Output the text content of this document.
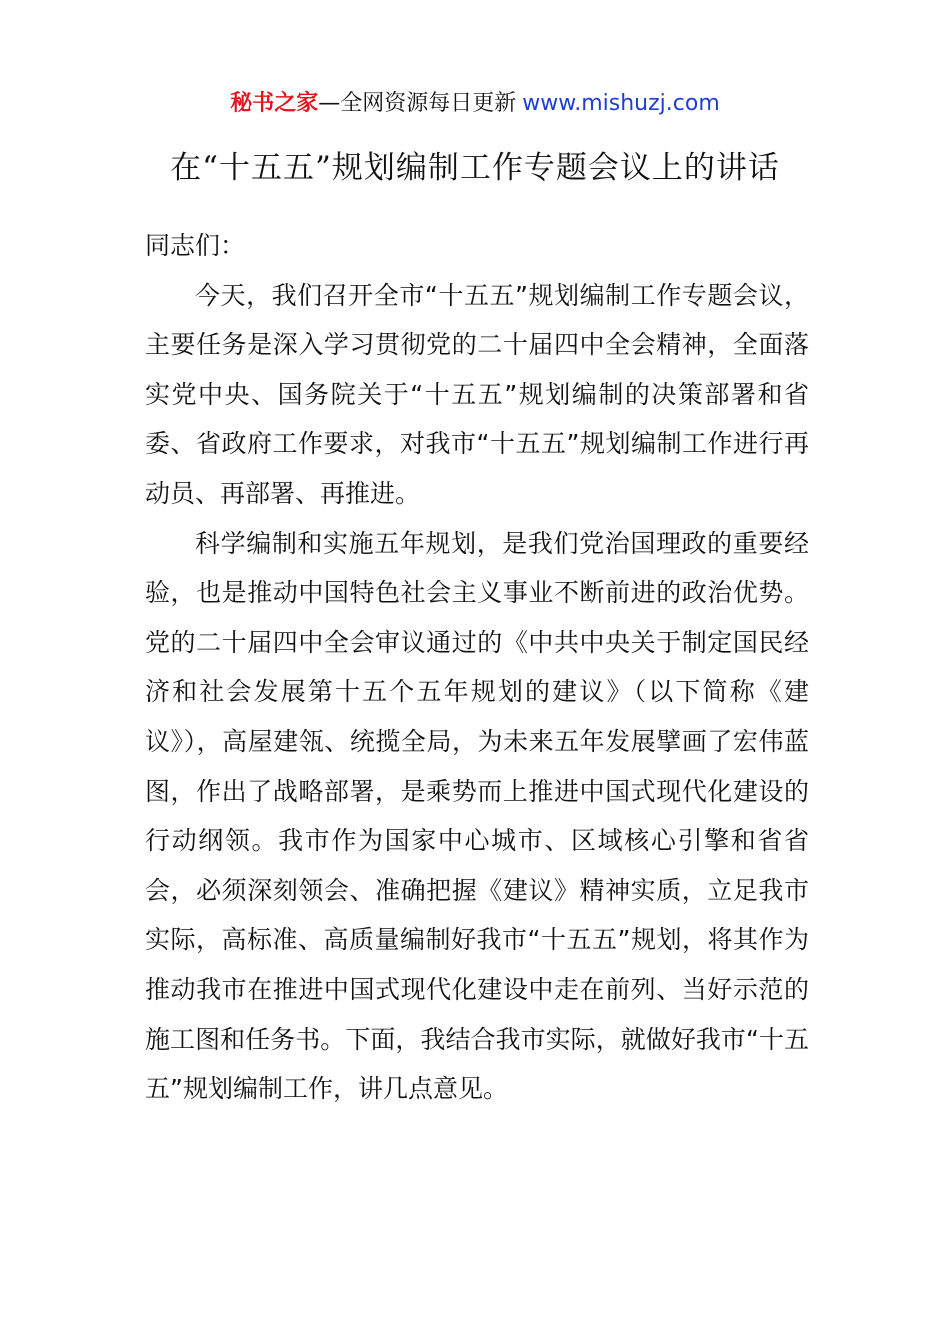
秘书之家—全网资源每日更新 www.mishuzj.com
在“十五五”规划编制工作专题会议上的讲话

同志们：

今天，我们召开全市“十五五”规划编制工作专题会议，主要任务是深入学习贯彻党的二十届四中全会精神，全面落实党中央、国务院关于“十五五”规划编制的决策部署和省委、省政府工作要求，对我市“十五五”规划编制工作进行再动员、再部署、再推进。

科学编制和实施五年规划，是我们党治国理政的重要经验，也是推动中国特色社会主义事业不断前进的政治优势。党的二十届四中全会审议通过的《中共中央关于制定国民经济和社会发展第十五个五年规划的建议》（以下简称《建议》），高屋建瓴、统揽全局，为未来五年发展擘画了宏伟蓝图，作出了战略部署，是乘势而上推进中国式现代化建设的行动纲领。我市作为国家中心城市、区域核心引擎和省省会，必须深刻领会、准确把握《建议》精神实质，立足我市实际，高标准、高质量编制好我市“十五五”规划，将其作为推动我市在推进中国式现代化建设中走在前列、当好示范的施工图和任务书。下面，我结合我市实际，就做好我市“十五五”规划编制工作，讲几点意见。
